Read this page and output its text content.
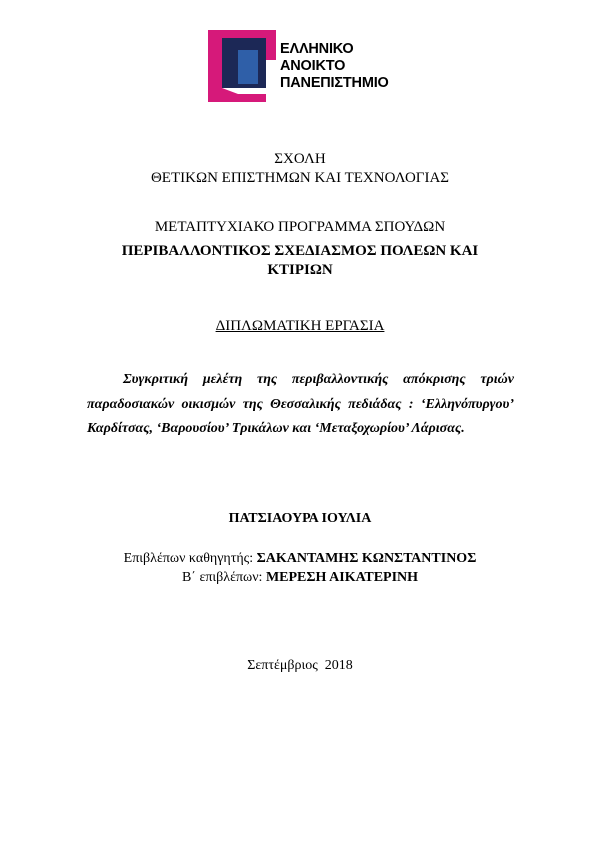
ΕΛΛΗΝΙΚΟ
ΑΝΟΙΚΤΟ
ΠΑΝΕΠΙΣΤΗΜΙΟ
ΣΧΟΛΗ
ΘΕΤΙΚΩΝ ΕΠΙΣΤΗΜΩΝ ΚΑΙ ΤΕΧΝΟΛΟΓΙΑΣ
ΜΕΤΑΠΤΥΧΙΑΚΟ ΠΡΟΓΡΑΜΜΑ ΣΠΟΥΔΩΝ
ΠΕΡΙΒΑΛΛΟΝΤΙΚΟΣ ΣΧΕΔΙΑΣΜΟΣ ΠΟΛΕΩΝ ΚΑΙ
ΚΤΙΡΙΩΝ
ΔΙΠΛΩΜΑΤΙΚΗ ΕΡΓΑΣΙΑ
Συγκριτική μελέτη της περιβαλλοντικής απόκρισης τριών παραδοσιακών οικισμών της Θεσσαλικής πεδιάδας : ‘Ελληνόπυργου’ Καρδίτσας, ‘Βαρουσίου’ Τρικάλων και ‘Μεταξοχωρίου’ Λάρισας.
ΠΑΤΣΙΑΟΥΡΑ ΙΟΥΛΙΑ
Επιβλέπων καθηγητής: ΣΑΚΑΝΤΑΜΗΣ ΚΩΝΣΤΑΝΤΙΝΟΣ
Β΄ επιβλέπων: ΜΕΡΕΣΗ ΑΙΚΑΤΕΡΙΝΗ
Σεπτέμβριος  2018
